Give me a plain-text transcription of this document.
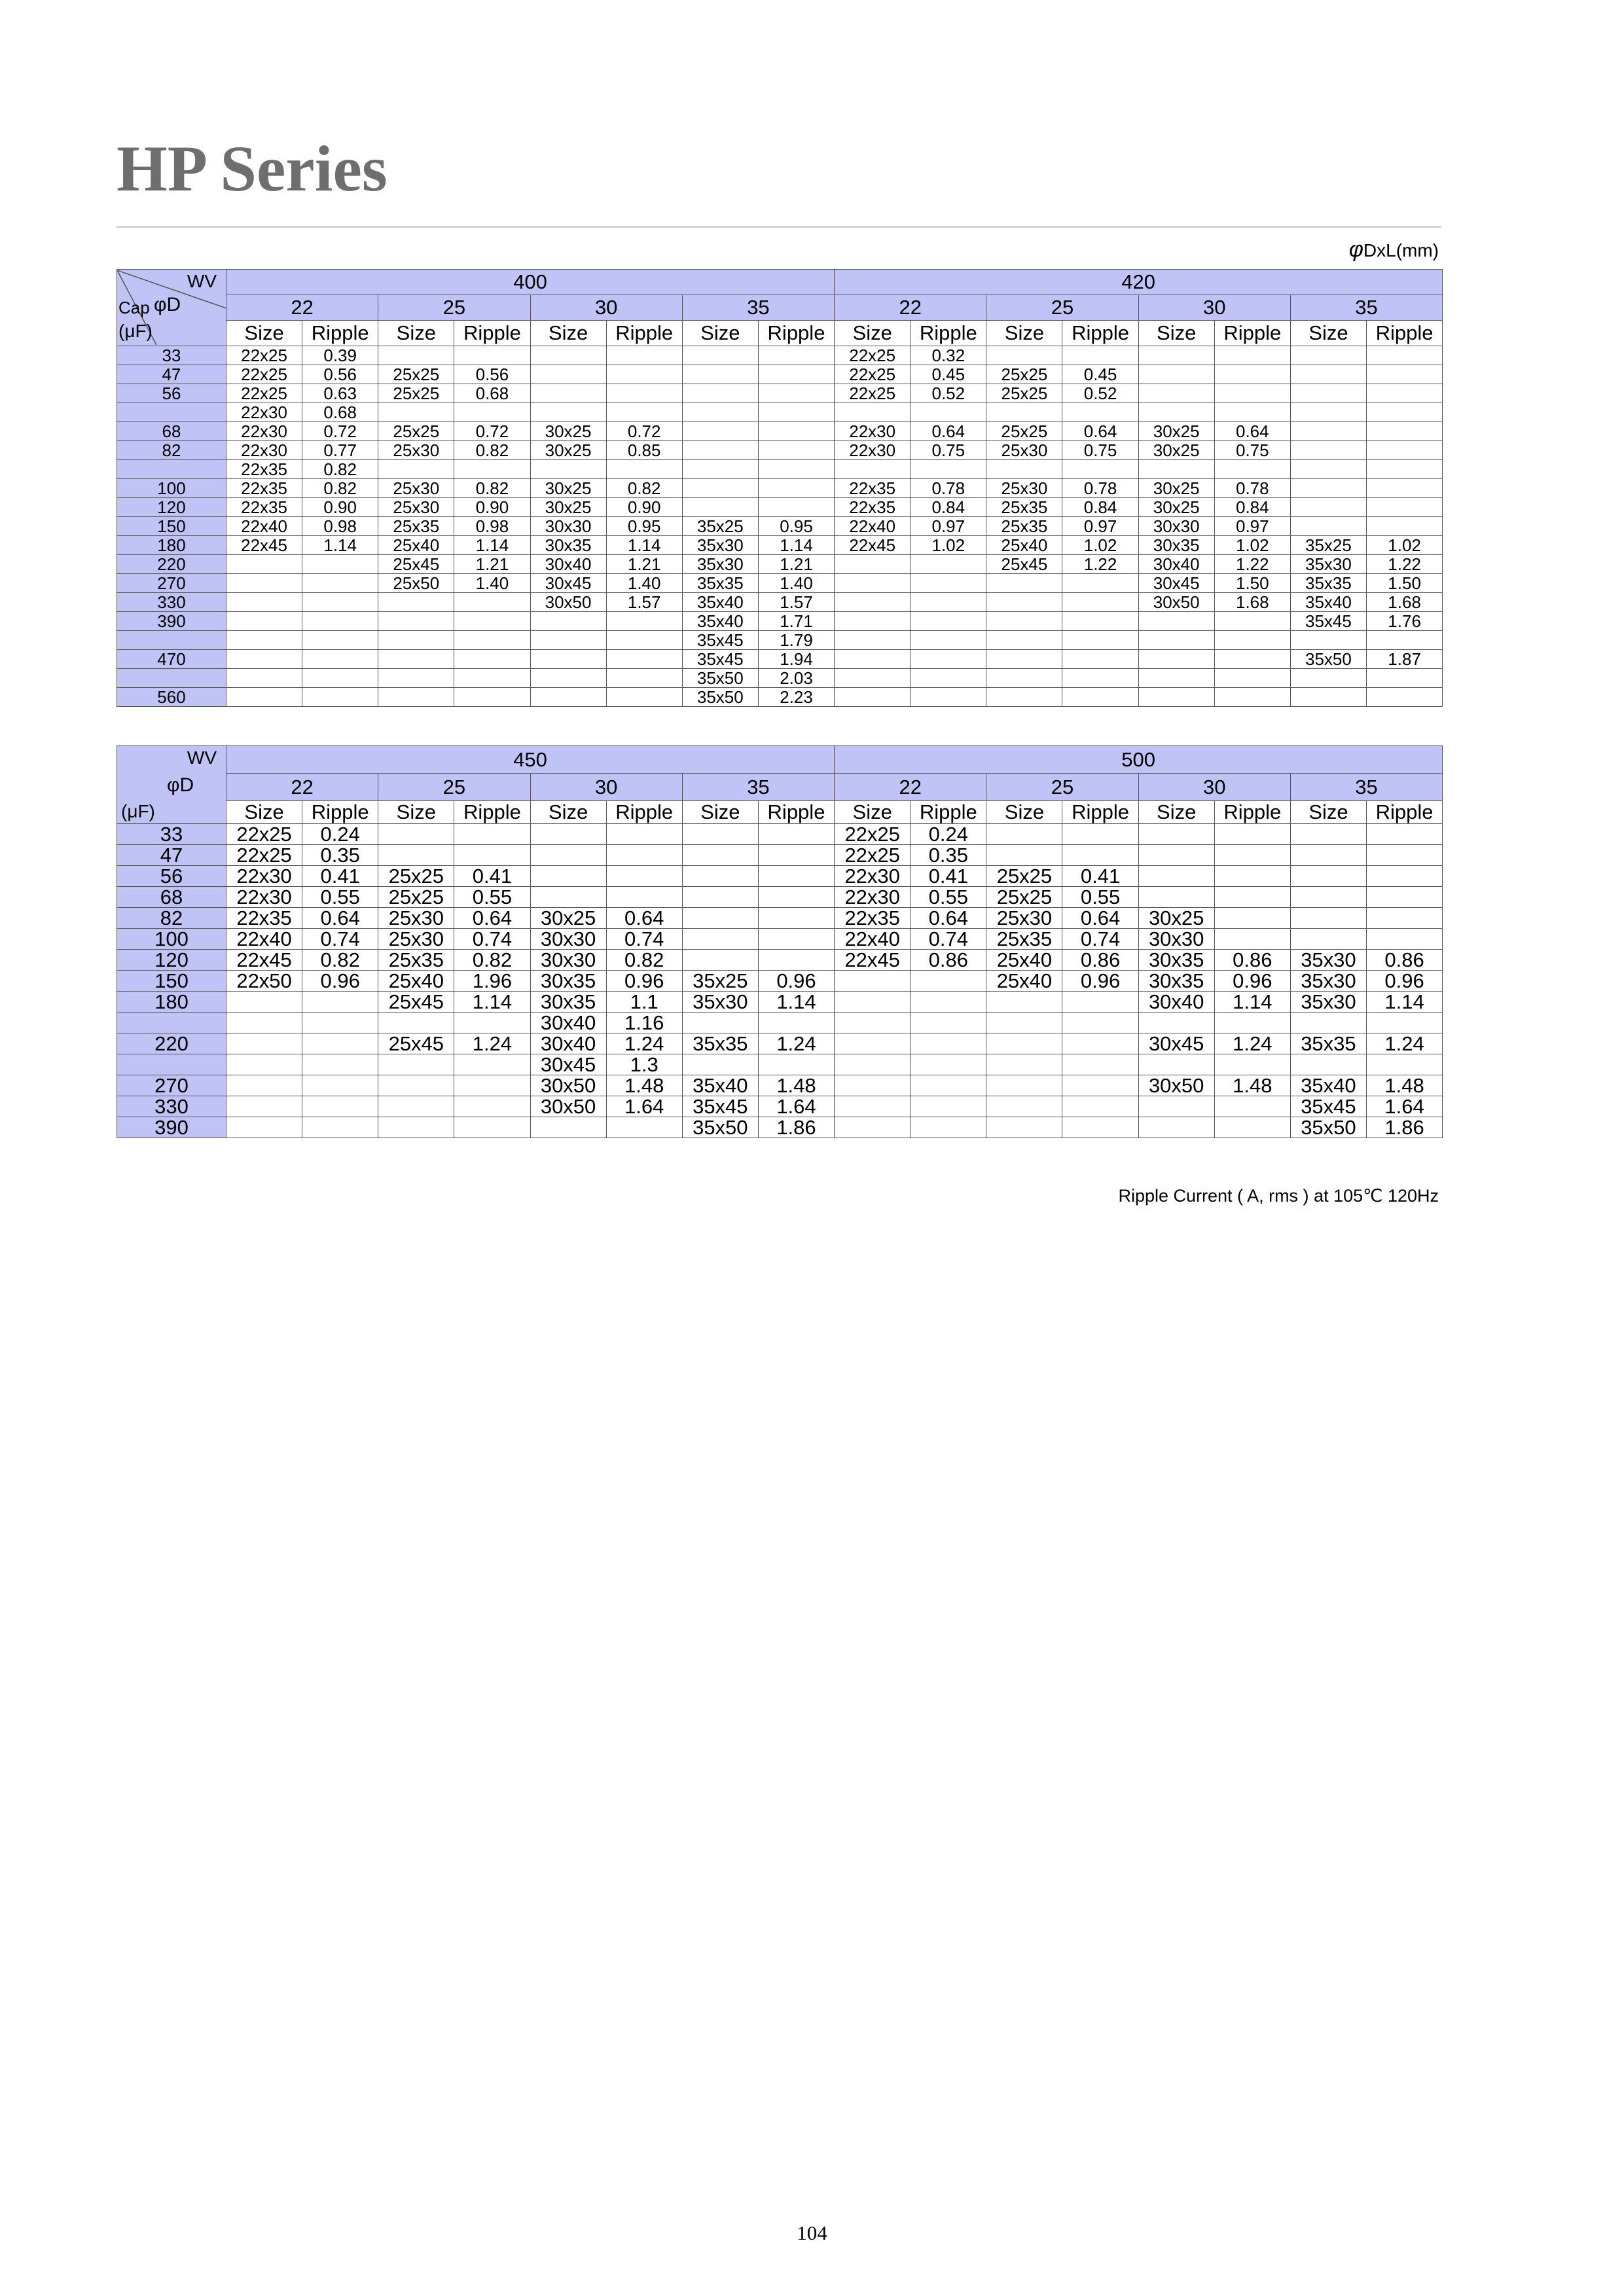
HP Series
φDxL(mm)
WV
Cap φD
(μF)	400								420							
	22		25		30		35		22		25		30		35	
	Size	Ripple	Size	Ripple	Size	Ripple	Size	Ripple	Size	Ripple	Size	Ripple	Size	Ripple	Size	Ripple
33	22x25	0.39							22x25	0.32						
47	22x25	0.56	25x25	0.56					22x25	0.45	25x25	0.45				
56	22x25	0.63	25x25	0.68					22x25	0.52	25x25	0.52				
	22x30	0.68														
68	22x30	0.72	25x25	0.72	30x25	0.72			22x30	0.64	25x25	0.64	30x25	0.64		
82	22x30	0.77	25x30	0.82	30x25	0.85			22x30	0.75	25x30	0.75	30x25	0.75		
	22x35	0.82														
100	22x35	0.82	25x30	0.82	30x25	0.82			22x35	0.78	25x30	0.78	30x25	0.78		
120	22x35	0.90	25x30	0.90	30x25	0.90			22x35	0.84	25x35	0.84	30x25	0.84		
150	22x40	0.98	25x35	0.98	30x30	0.95	35x25	0.95	22x40	0.97	25x35	0.97	30x30	0.97		
180	22x45	1.14	25x40	1.14	30x35	1.14	35x30	1.14	22x45	1.02	25x40	1.02	30x35	1.02	35x25	1.02
220			25x45	1.21	30x40	1.21	35x30	1.21			25x45	1.22	30x40	1.22	35x30	1.22
270			25x50	1.40	30x45	1.40	35x35	1.40					30x45	1.50	35x35	1.50
330					30x50	1.57	35x40	1.57					30x50	1.68	35x40	1.68
390							35x40	1.71							35x45	1.76
							35x45	1.79								
470							35x45	1.94							35x50	1.87
							35x50	2.03								
560							35x50	2.23								
WV
φD
(μF)	450								500							
	22		25		30		35		22		25		30		35	
	Size	Ripple	Size	Ripple	Size	Ripple	Size	Ripple	Size	Ripple	Size	Ripple	Size	Ripple	Size	Ripple
33	22x25	0.24							22x25	0.24						
47	22x25	0.35							22x25	0.35						
56	22x30	0.41	25x25	0.41					22x30	0.41	25x25	0.41				
68	22x30	0.55	25x25	0.55					22x30	0.55	25x25	0.55				
82	22x35	0.64	25x30	0.64	30x25	0.64			22x35	0.64	25x30	0.64	30x25			
100	22x40	0.74	25x30	0.74	30x30	0.74			22x40	0.74	25x35	0.74	30x30			
120	22x45	0.82	25x35	0.82	30x30	0.82			22x45	0.86	25x40	0.86	30x35	0.86	35x30	0.86
150	22x50	0.96	25x40	1.96	30x35	0.96	35x25	0.96			25x40	0.96	30x35	0.96	35x30	0.96
180			25x45	1.14	30x35	1.1	35x30	1.14					30x40	1.14	35x30	1.14
					30x40	1.16										
220			25x45	1.24	30x40	1.24	35x35	1.24					30x45	1.24	35x35	1.24
					30x45	1.3										
270					30x50	1.48	35x40	1.48					30x50	1.48	35x40	1.48
330					30x50	1.64	35x45	1.64							35x45	1.64
390							35x50	1.86							35x50	1.86
Ripple Current ( A, rms ) at 105℃ 120Hz
104
